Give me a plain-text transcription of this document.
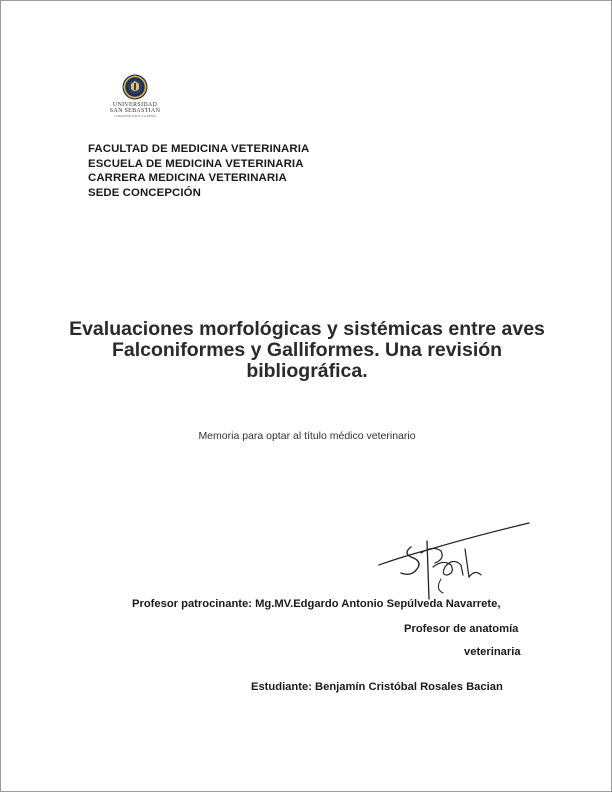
UNIVERSIDAD
SAN SEBASTIÁN
CONOCER VALE LA PENA
FACULTAD DE MEDICINA VETERINARIA
ESCUELA DE MEDICINA VETERINARIA
CARRERA MEDICINA VETERINARIA
SEDE CONCEPCIÓN
Evaluaciones morfológicas y sistémicas entre aves
Falconiformes y Galliformes. Una revisión
bibliográfica.
Memoria para optar al título médico veterinario
Profesor patrocinante: Mg.MV.Edgardo Antonio Sepúlveda Navarrete,
Profesor de anatomía
veterinaria
Estudiante: Benjamín Cristóbal Rosales Bacian
